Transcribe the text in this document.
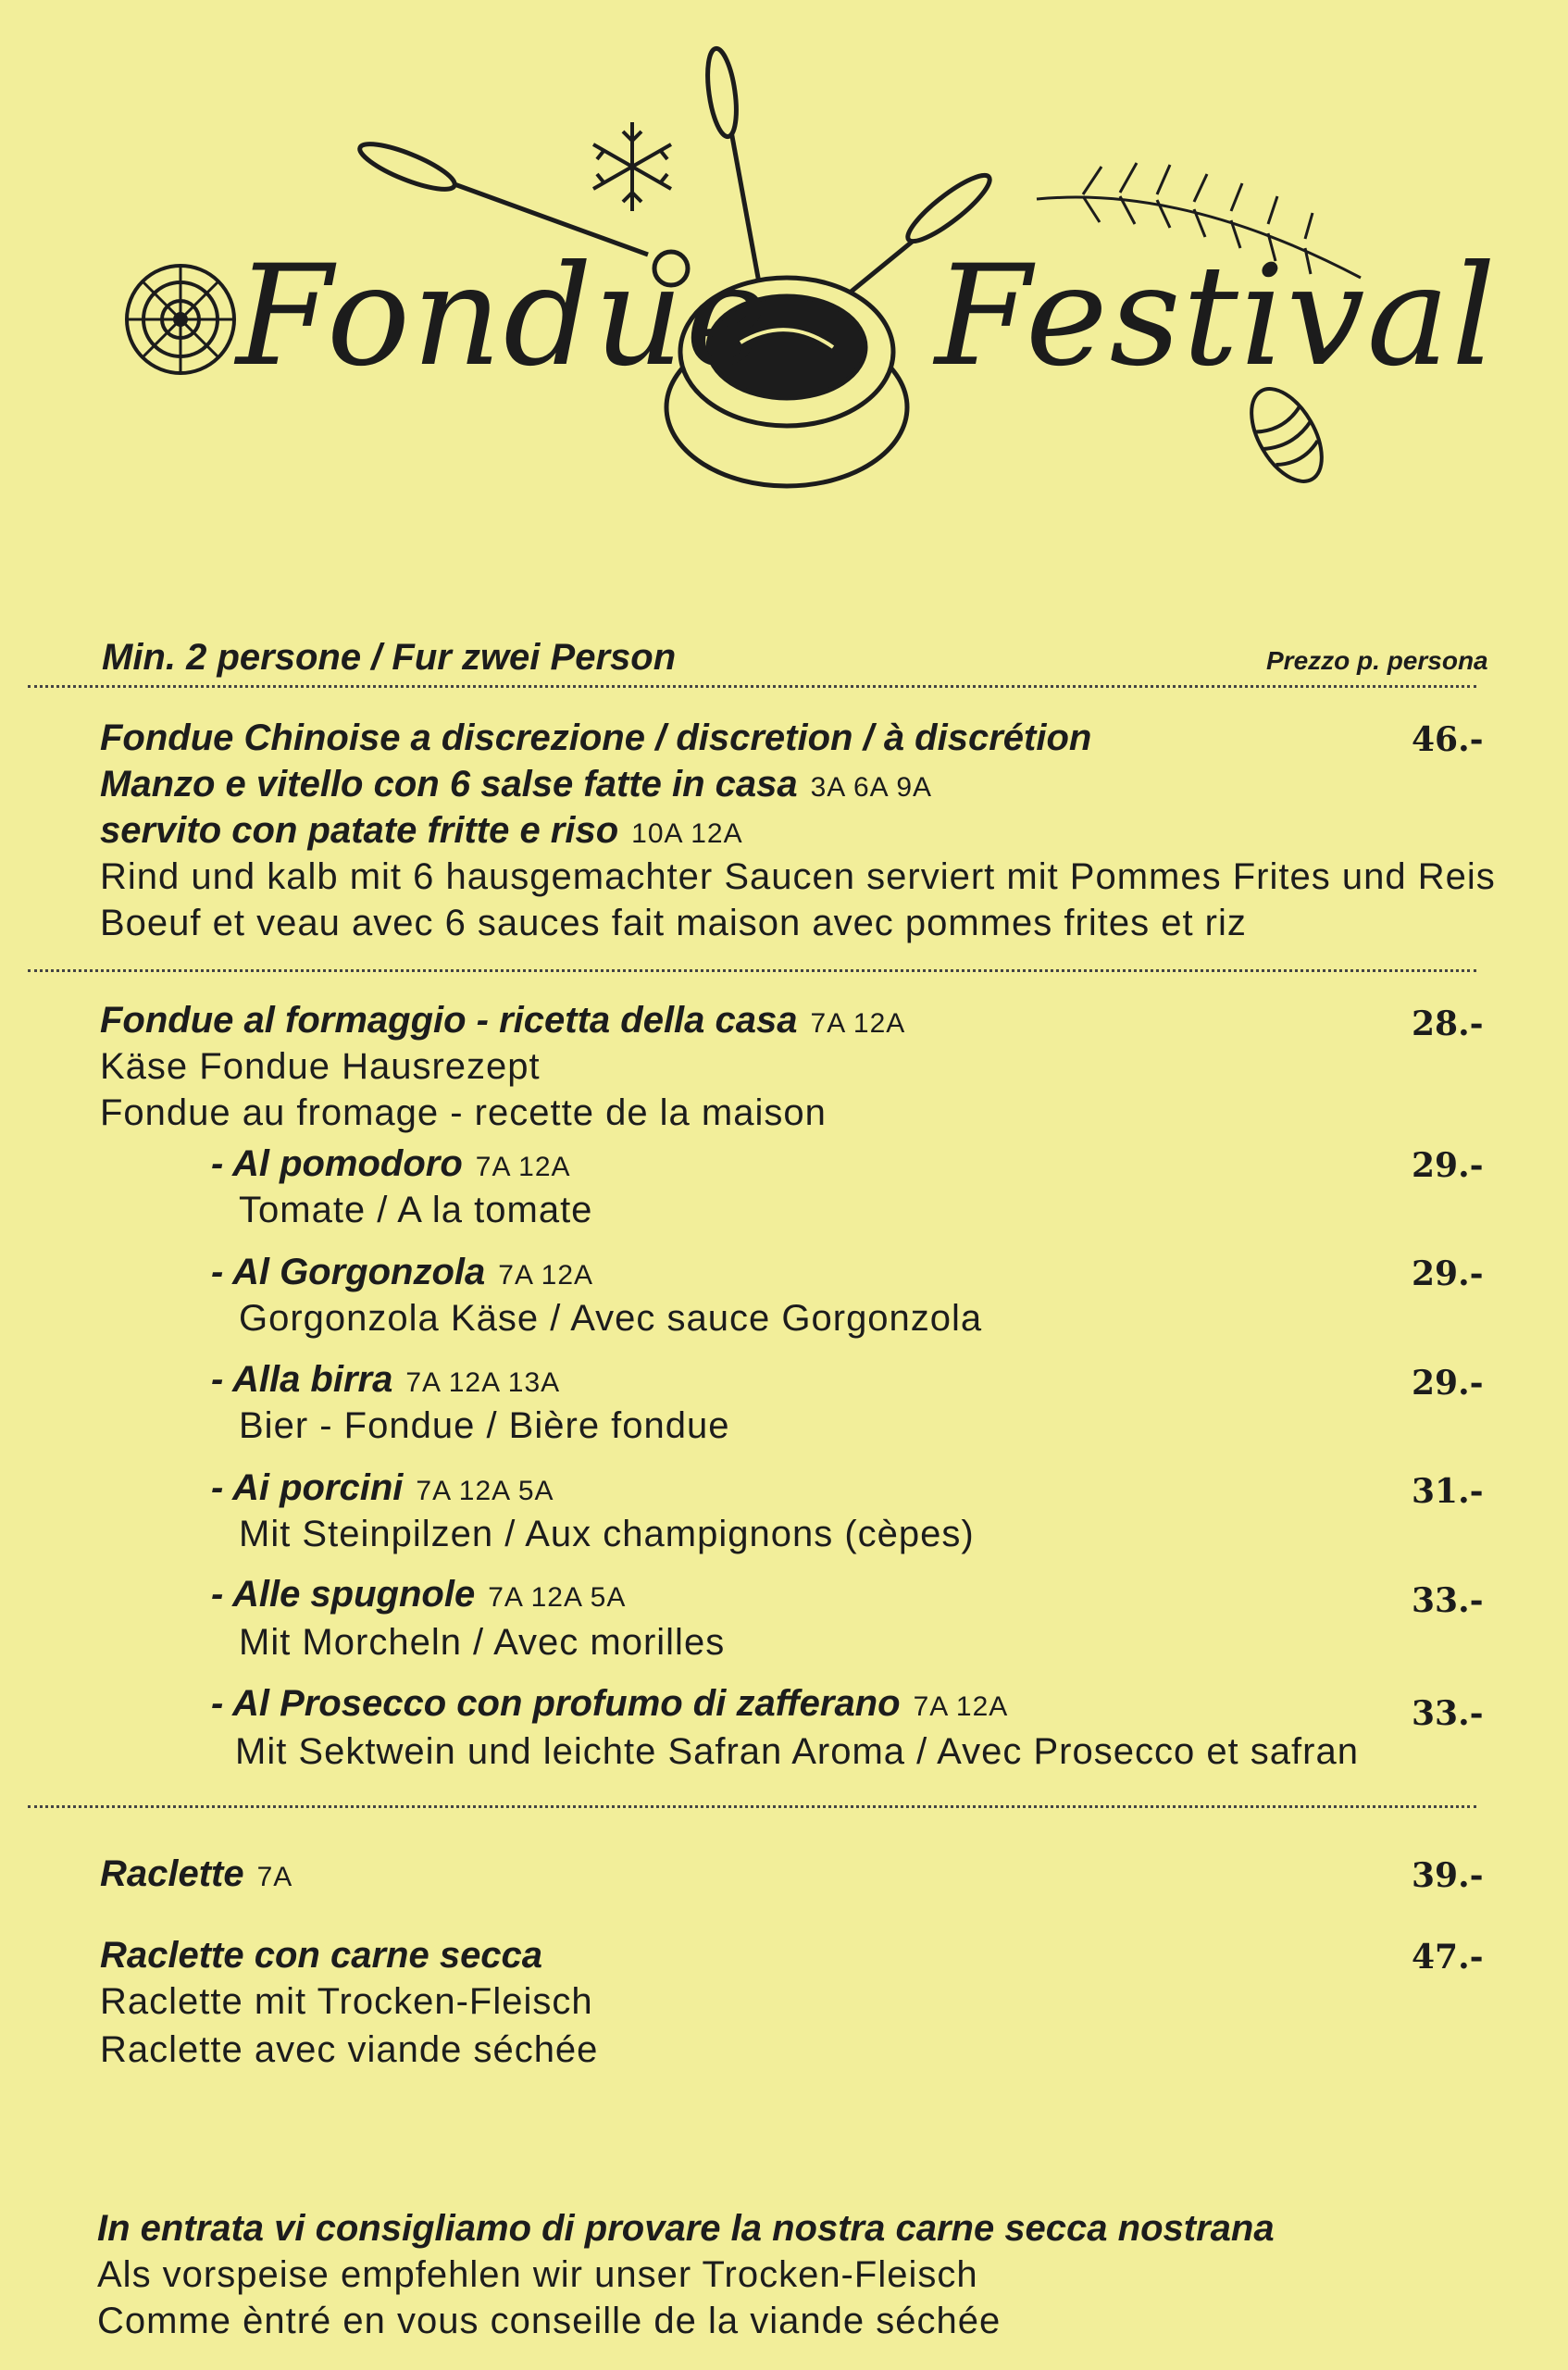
Fondue Festival
Min. 2 persone / Fur zwei Person	Prezzo p. persona
Fondue Chinoise a discrezione / discretion / à discrétion	46.-
Manzo e vitello con 6 salse fatte in casa 3A 6A 9A
servito con patate fritte e riso 10A 12A
Rind und kalb mit 6 hausgemachter Saucen serviert mit Pommes Frites und Reis
Boeuf et veau avec 6 sauces fait maison avec pommes frites et riz
Fondue al formaggio - ricetta della casa 7A 12A	28.-
Käse Fondue Hausrezept
Fondue au fromage - recette de la maison
- Al pomodoro 7A 12A	29.-
Tomate / A la tomate
- Al Gorgonzola 7A 12A	29.-
Gorgonzola Käse / Avec sauce Gorgonzola
- Alla birra 7A 12A 13A	29.-
Bier - Fondue / Bière fondue
- Ai porcini 7A 12A 5A	31.-
Mit Steinpilzen / Aux champignons (cèpes)
- Alle spugnole 7A 12A 5A	33.-
Mit Morcheln / Avec morilles
- Al Prosecco con profumo di zafferano 7A 12A	33.-
Mit Sektwein und leichte Safran Aroma / Avec Prosecco et safran
Raclette 7A	39.-
Raclette con carne secca	47.-
Raclette mit Trocken-Fleisch
Raclette avec viande séchée
In entrata vi consigliamo di provare la nostra carne secca nostrana
Als vorspeise empfehlen wir unser Trocken-Fleisch
Comme èntré en vous conseille de la viande séchée
